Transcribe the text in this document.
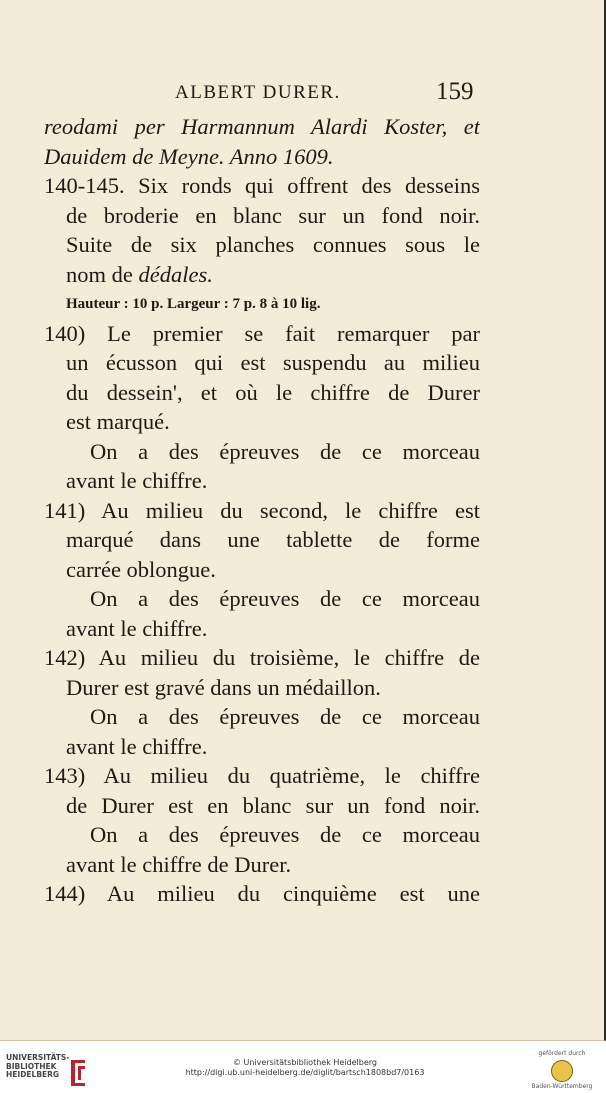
ALBERT DURER.	159
reodami per Harmannum Alardi Koster, et
Dauidem de Meyne. Anno 1609.
140-145. Six ronds qui offrent des desseins
de broderie en blanc sur un fond noir.
Suite de six planches connues sous le
nom de dédales.
Hauteur : 10 p. Largeur : 7 p. 8 à 10 lig.
140) Le premier se fait remarquer par
un écusson qui est suspendu au milieu
du dessein', et où le chiffre de Durer
est marqué.
On a des épreuves de ce morceau
avant le chiffre.
141) Au milieu du second, le chiffre est
marqué dans une tablette de forme
carrée oblongue.
On a des épreuves de ce morceau
avant le chiffre.
142) Au milieu du troisième, le chiffre de
Durer est gravé dans un médaillon.
On a des épreuves de ce morceau
avant le chiffre.
143) Au milieu du quatrième, le chiffre
de Durer est en blanc sur un fond noir.
On a des épreuves de ce morceau
avant le chiffre de Durer.
144) Au milieu du cinquième est une
UNIVERSITÄTS-
BIBLIOTHEK
HEIDELBERG
© Universitätsbibliothek Heidelberg
http://digi.ub.uni-heidelberg.de/diglit/bartsch1808bd7/0163
gefördert durch
Baden-Württemberg
